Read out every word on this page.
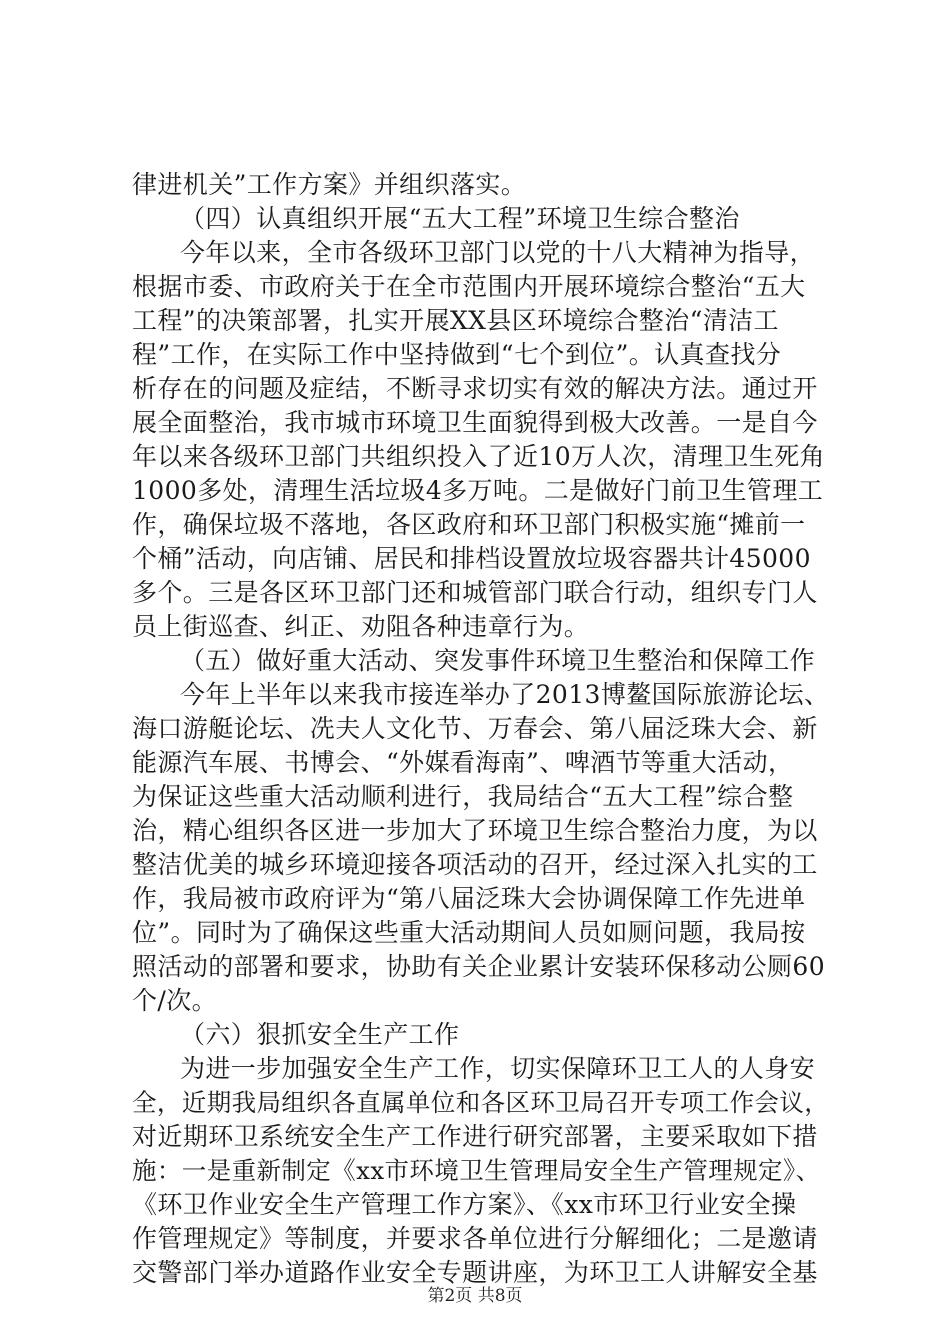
律进机关”工作方案》并组织落实。
（四）认真组织开展“五大工程”环境卫生综合整治
今年以来，全市各级环卫部门以党的十八大精神为指导，
根据市委、市政府关于在全市范围内开展环境综合整治“五大
工程”的决策部署，扎实开展XX县区环境综合整治“清洁工
程”工作，在实际工作中坚持做到“七个到位”。认真查找分
析存在的问题及症结，不断寻求切实有效的解决方法。通过开
展全面整治，我市城市环境卫生面貌得到极大改善。一是自今
年以来各级环卫部门共组织投入了近10万人次，清理卫生死角
1000多处，清理生活垃圾4多万吨。二是做好门前卫生管理工
作，确保垃圾不落地，各区政府和环卫部门积极实施“摊前一
个桶”活动，向店铺、居民和排档设置放垃圾容器共计45000
多个。三是各区环卫部门还和城管部门联合行动，组织专门人
员上街巡查、纠正、劝阻各种违章行为。
（五）做好重大活动、突发事件环境卫生整治和保障工作
今年上半年以来我市接连举办了2013博鳌国际旅游论坛、
海口游艇论坛、冼夫人文化节、万春会、第八届泛珠大会、新
能源汽车展、书博会、“外媒看海南”、啤酒节等重大活动，
为保证这些重大活动顺利进行，我局结合“五大工程”综合整
治，精心组织各区进一步加大了环境卫生综合整治力度，为以
整洁优美的城乡环境迎接各项活动的召开，经过深入扎实的工
作，我局被市政府评为“第八届泛珠大会协调保障工作先进单
位”。同时为了确保这些重大活动期间人员如厕问题，我局按
照活动的部署和要求，协助有关企业累计安装环保移动公厕60
个/次。
（六）狠抓安全生产工作
为进一步加强安全生产工作，切实保障环卫工人的人身安
全，近期我局组织各直属单位和各区环卫局召开专项工作会议，
对近期环卫系统安全生产工作进行研究部署，主要采取如下措
施：一是重新制定《xx市环境卫生管理局安全生产管理规定》、
《环卫作业安全生产管理工作方案》、《xx市环卫行业安全操
作管理规定》等制度，并要求各单位进行分解细化；二是邀请
交警部门举办道路作业安全专题讲座，为环卫工人讲解安全基
第2页 共8页
